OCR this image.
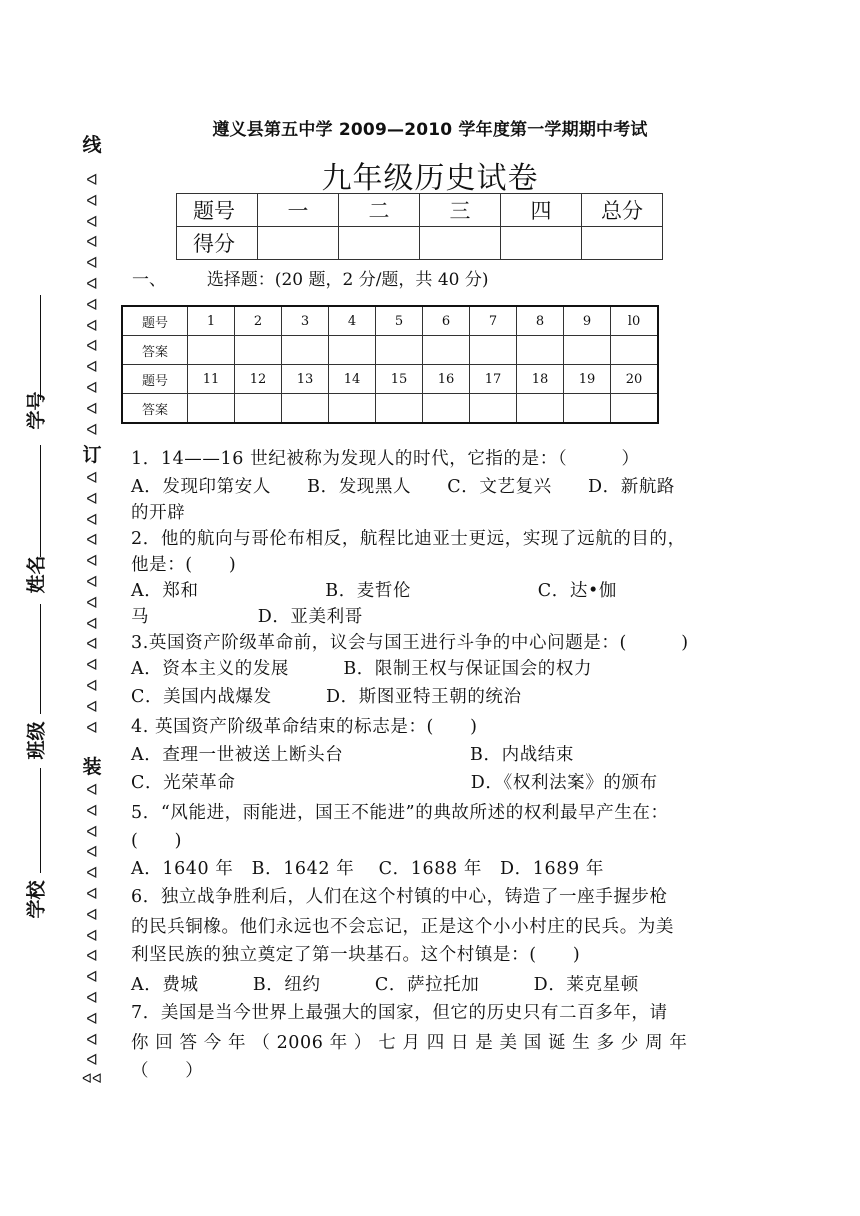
线
ᐊ
ᐊ
ᐊ
ᐊ
ᐊ
ᐊ
ᐊ
ᐊ
ᐊ
ᐊ
ᐊ
ᐊ
ᐊ
订
ᐊ
ᐊ
ᐊ
ᐊ
ᐊ
ᐊ
ᐊ
ᐊ
ᐊ
ᐊ
ᐊ
ᐊ
ᐊ
装
ᐊ
ᐊ
ᐊ
ᐊ
ᐊ
ᐊ
ᐊ
ᐊ
ᐊ
ᐊ
ᐊ
ᐊ
ᐊ
ᐊ
ᐊᐊ
学号
姓名
班级
学校
遵义县第五中学 2009—2010 学年度第一学期期中考试
九年级历史试卷
题号	一	二	三	四	总分
得分					
一、 选择题：(20 题，2 分/题，共 40 分)
题号	1	2	3	4	5	6	7	8	9	l0
答案										
题号	11	12	13	14	15	16	17	18	19	20
答案										
1．14——16 世纪被称为发现人的时代，它指的是：（　　　）
A．发现印第安人　　B．发现黑人　　C．文艺复兴　　D．新航路
的开辟
2．他的航向与哥伦布相反，航程比迪亚士更远，实现了远航的目的，
他是：(　　)
A．郑和　　　　　　　B．麦哲伦　　　　　　　C．达•伽
马　　　　　　D．亚美利哥
3.英国资产阶级革命前，议会与国王进行斗争的中心问题是：(　　　)
A．资本主义的发展　　　B．限制王权与保证国会的权力
C．美国内战爆发　　　D．斯图亚特王朝的统治
4. 英国资产阶级革命结束的标志是：(　　)
A．查理一世被送上断头台　　　　　　　B．内战结束
C．光荣革命　　　　　　　　　　　　　D．《权利法案》的颁布
5．“风能进，雨能进，国王不能进”的典故所述的权利最早产生在：
(　　)
A．1640 年　B．1642 年　 C．1688 年　D．1689 年
6．独立战争胜利后，人们在这个村镇的中心，铸造了一座手握步枪
的民兵铜橡。他们永远也不会忘记，正是这个小小村庄的民兵。为美
利坚民族的独立奠定了第一块基石。这个村镇是：(　　)
A．费城　　　B．纽约　　　C．萨拉托加　　　D．莱克星顿
7．美国是当今世界上最强大的国家，但它的历史只有二百多年，请
你 回 答 今 年 （ 2006 年 ） 七 月 四 日 是 美 国 诞 生 多 少 周 年
（　　）
